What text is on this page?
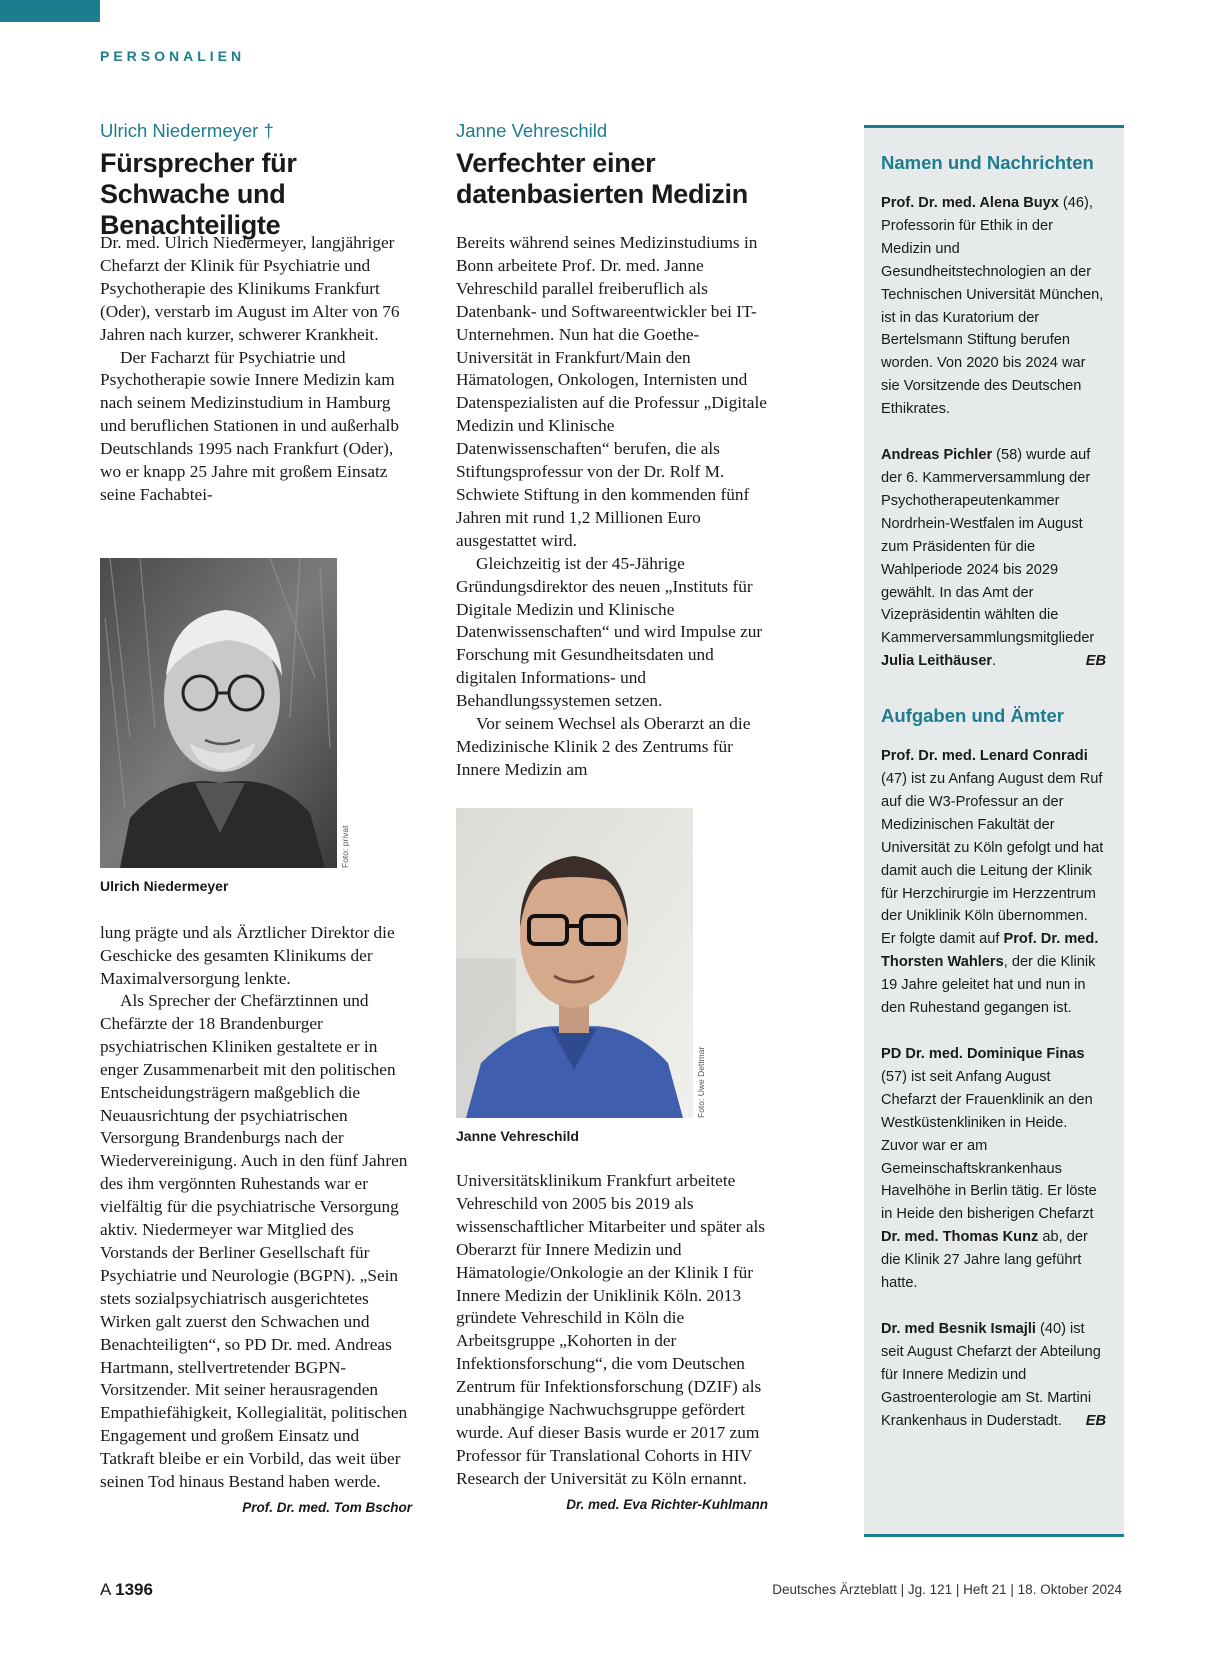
PERSONALIEN

Ulrich Niedermeyer †

Fürsprecher für Schwache und Benachteiligte

Dr. med. Ulrich Niedermeyer, langjähriger Chefarzt der Klinik für Psychiatrie und Psychotherapie des Klinikums Frankfurt (Oder), verstarb im August im Alter von 76 Jahren nach kurzer, schwerer Krankheit.

Der Facharzt für Psychiatrie und Psychotherapie sowie Innere Medizin kam nach seinem Medizinstudium in Hamburg und beruflichen Stationen in und außerhalb Deutschlands 1995 nach Frankfurt (Oder), wo er knapp 25 Jahre mit großem Einsatz seine Fachabtei-

Foto: privat
Ulrich Niedermeyer

lung prägte und als Ärztlicher Direktor die Geschicke des gesamten Klinikums der Maximalversorgung lenkte.

Als Sprecher der Chefärztinnen und Chefärzte der 18 Brandenburger psychiatrischen Kliniken gestaltete er in enger Zusammenarbeit mit den politischen Entscheidungsträgern maßgeblich die Neuausrichtung der psychiatrischen Versorgung Brandenburgs nach der Wiedervereinigung. Auch in den fünf Jahren des ihm vergönnten Ruhestands war er vielfältig für die psychiatrische Versorgung aktiv. Niedermeyer war Mitglied des Vorstands der Berliner Gesellschaft für Psychiatrie und Neurologie (BGPN). „Sein stets sozialpsychiatrisch ausgerichtetes Wirken galt zuerst den Schwachen und Benachteiligten“, so PD Dr. med. Andreas Hartmann, stellvertretender BGPN-Vorsitzender. Mit seiner herausragenden Empathiefähigkeit, Kollegialität, politischen Engagement und großem Einsatz und Tatkraft bleibe er ein Vorbild, das weit über seinen Tod hinaus Bestand haben werde.

Prof. Dr. med. Tom Bschor

Janne Vehreschild

Verfechter einer datenbasierten Medizin

Bereits während seines Medizinstudiums in Bonn arbeitete Prof. Dr. med. Janne Vehreschild parallel freiberuflich als Datenbank- und Softwareentwickler bei IT-Unternehmen. Nun hat die Goethe-Universität in Frankfurt/Main den Hämatologen, Onkologen, Internisten und Datenspezialisten auf die Professur „Digitale Medizin und Klinische Datenwissenschaften“ berufen, die als Stiftungsprofessur von der Dr. Rolf M. Schwiete Stiftung in den kommenden fünf Jahren mit rund 1,2 Millionen Euro ausgestattet wird.

Gleichzeitig ist der 45-Jährige Gründungsdirektor des neuen „Instituts für Digitale Medizin und Klinische Datenwissenschaften“ und wird Impulse zur Forschung mit Gesundheitsdaten und digitalen Informations- und Behandlungssystemen setzen.

Vor seinem Wechsel als Oberarzt an die Medizinische Klinik 2 des Zentrums für Innere Medizin am

Foto: Uwe Dettmar
Janne Vehreschild

Universitätsklinikum Frankfurt arbeitete Vehreschild von 2005 bis 2019 als wissenschaftlicher Mitarbeiter und später als Oberarzt für Innere Medizin und Hämatologie/Onkologie an der Klinik I für Innere Medizin der Uniklinik Köln. 2013 gründete Vehreschild in Köln die Arbeitsgruppe „Kohorten in der Infektionsforschung“, die vom Deutschen Zentrum für Infektionsforschung (DZIF) als unabhängige Nachwuchsgruppe gefördert wurde. Auf dieser Basis wurde er 2017 zum Professor für Translational Cohorts in HIV Research der Universität zu Köln ernannt.

Dr. med. Eva Richter-Kuhlmann

Namen und Nachrichten

Prof. Dr. med. Alena Buyx (46), Professorin für Ethik in der Medizin und Gesundheitstechnologien an der Technischen Universität München, ist in das Kuratorium der Bertelsmann Stiftung berufen worden. Von 2020 bis 2024 war sie Vorsitzende des Deutschen Ethikrates.

Andreas Pichler (58) wurde auf der 6. Kammerversammlung der Psychotherapeutenkammer Nordrhein-Westfalen im August zum Präsidenten für die Wahlperiode 2024 bis 2029 gewählt. In das Amt der Vizepräsidentin wählten die Kammerversammlungsmitglieder Julia Leithäuser.	EB

Aufgaben und Ämter

Prof. Dr. med. Lenard Conradi (47) ist zu Anfang August dem Ruf auf die W3-Professur an der Medizinischen Fakultät der Universität zu Köln gefolgt und hat damit auch die Leitung der Klinik für Herzchirurgie im Herzzentrum der Uniklinik Köln übernommen. Er folgte damit auf Prof. Dr. med. Thorsten Wahlers, der die Klinik 19 Jahre geleitet hat und nun in den Ruhestand gegangen ist.

PD Dr. med. Dominique Finas (57) ist seit Anfang August Chefarzt der Frauenklinik an den Westküstenkliniken in Heide. Zuvor war er am Gemeinschaftskrankenhaus Havelhöhe in Berlin tätig. Er löste in Heide den bisherigen Chefarzt Dr. med. Thomas Kunz ab, der die Klinik 27 Jahre lang geführt hatte.

Dr. med Besnik Ismajli (40) ist seit August Chefarzt der Abteilung für Innere Medizin und Gastroenterologie am St. Martini Krankenhaus in Duderstadt. EB

A 1396	Deutsches Ärzteblatt | Jg. 121 | Heft 21 | 18. Oktober 2024
